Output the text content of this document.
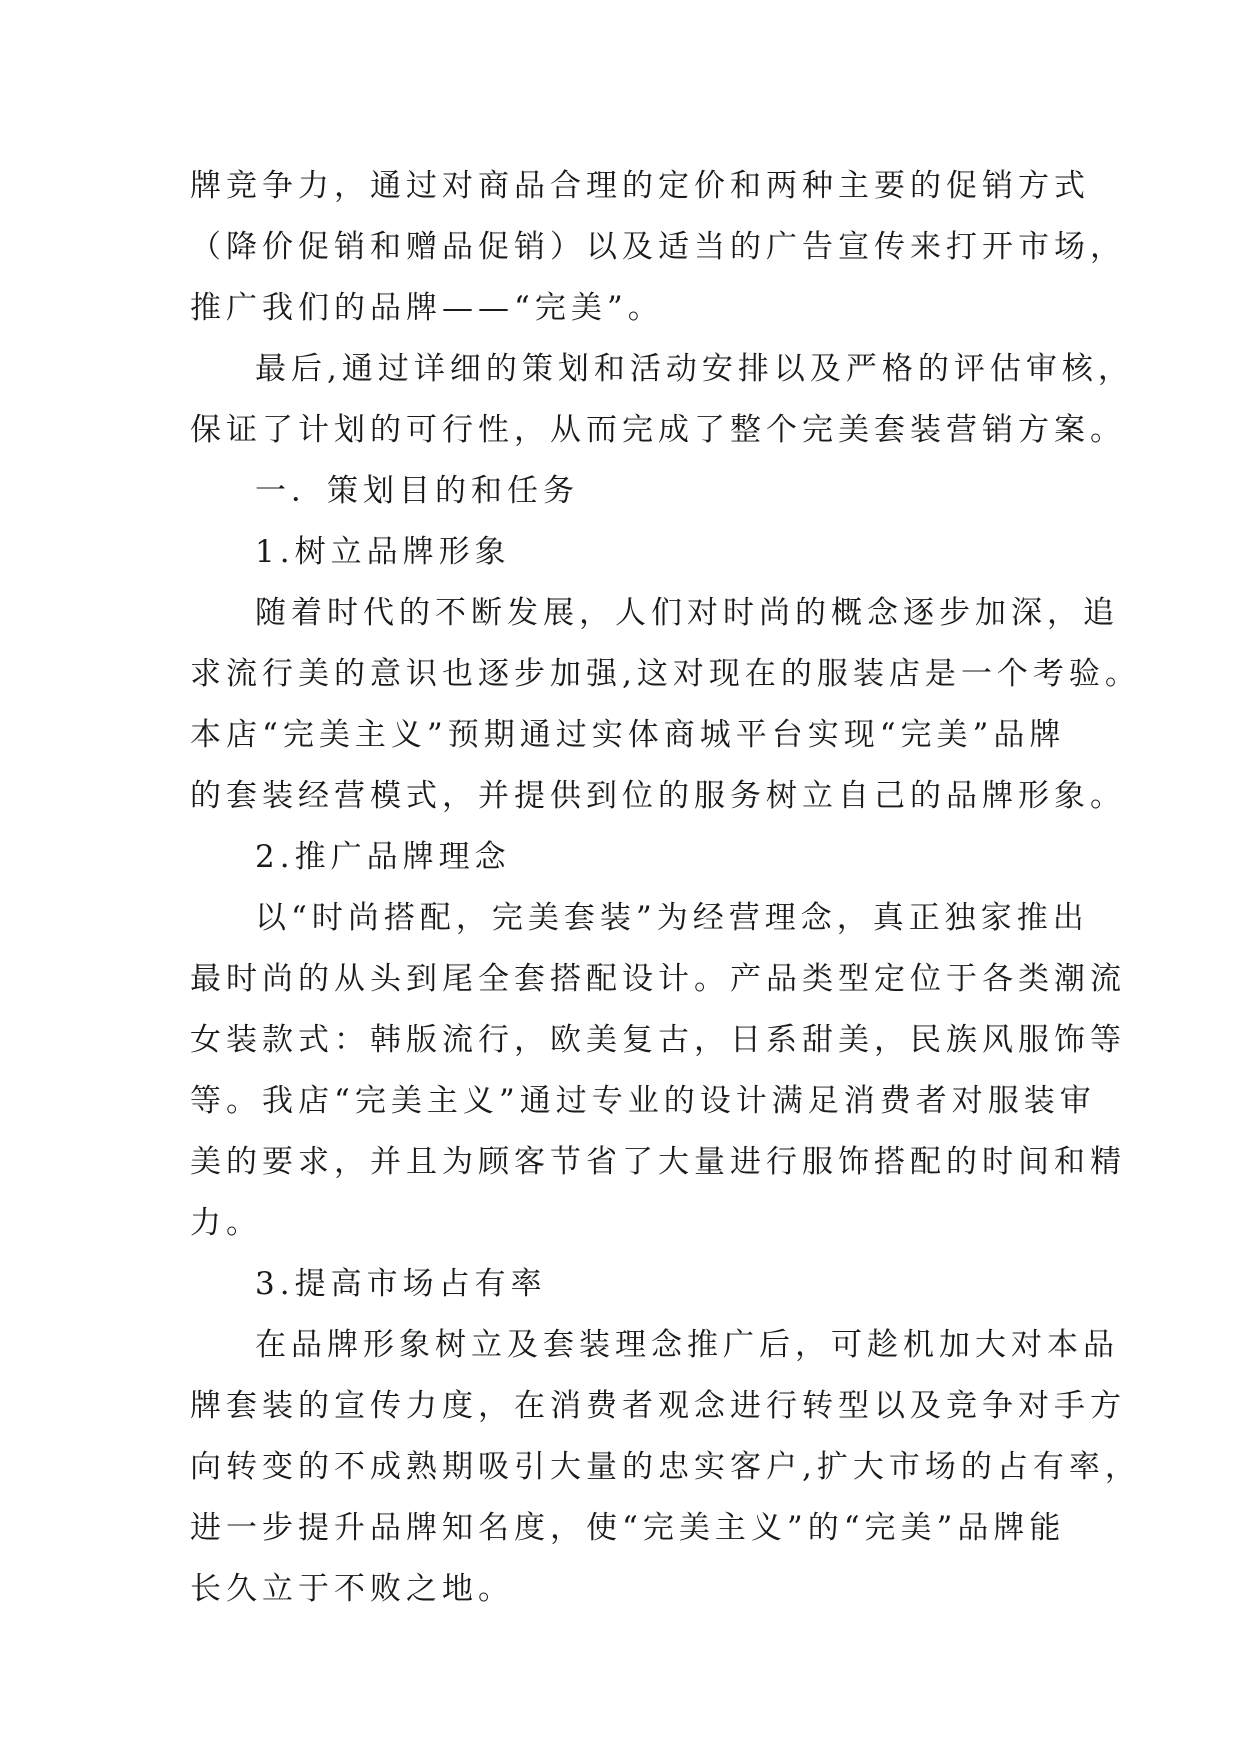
牌竞争力，通过对商品合理的定价和两种主要的促销方式
（降价促销和赠品促销）以及适当的广告宣传来打开市场，
推广我们的品牌——“完美”。
最后,通过详细的策划和活动安排以及严格的评估审核，
保证了计划的可行性，从而完成了整个完美套装营销方案。
一．策划目的和任务
1.树立品牌形象
随着时代的不断发展，人们对时尚的概念逐步加深，追
求流行美的意识也逐步加强,这对现在的服装店是一个考验。
本店“完美主义”预期通过实体商城平台实现“完美”品牌
的套装经营模式，并提供到位的服务树立自己的品牌形象。
2.推广品牌理念
以“时尚搭配，完美套装”为经营理念，真正独家推出
最时尚的从头到尾全套搭配设计。产品类型定位于各类潮流
女装款式：韩版流行，欧美复古，日系甜美，民族风服饰等
等。我店“完美主义”通过专业的设计满足消费者对服装审
美的要求，并且为顾客节省了大量进行服饰搭配的时间和精
力。
3.提高市场占有率
在品牌形象树立及套装理念推广后，可趁机加大对本品
牌套装的宣传力度，在消费者观念进行转型以及竞争对手方
向转变的不成熟期吸引大量的忠实客户,扩大市场的占有率，
进一步提升品牌知名度，使“完美主义”的“完美”品牌能
长久立于不败之地。
